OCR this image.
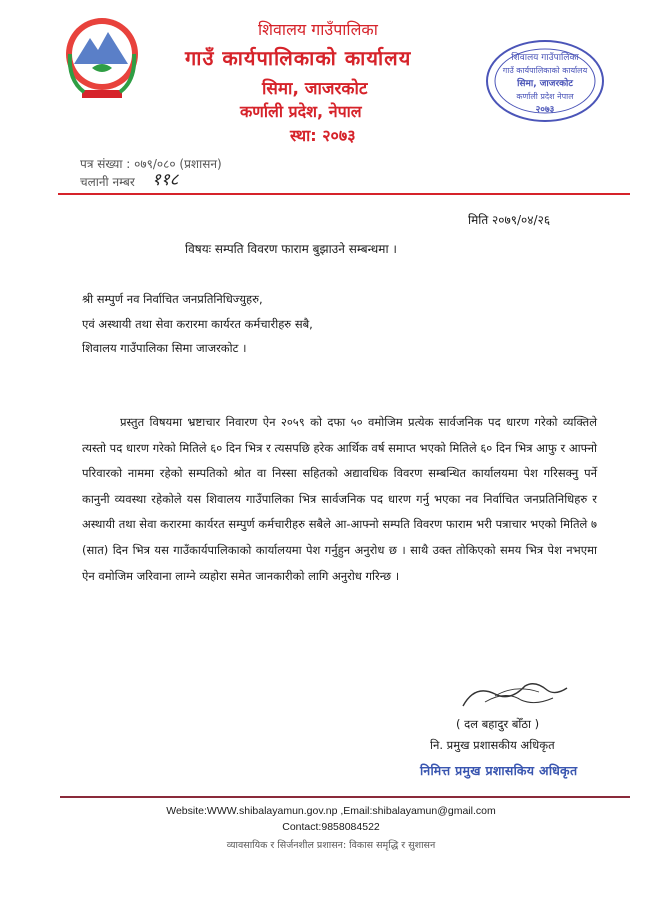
शिवालय गाउँपालिका
गाउँ कार्यपालिकाको कार्यालय
सिमा, जाजरकोट
कर्णाली प्रदेश, नेपाल
स्था: २०७३
शिवालय गाउँपालिका
गाउँ कार्यपालिकाको कार्यालय
सिमा, जाजरकोट
कर्णाली प्रदेश नेपाल
२०७३
पत्र संख्या : ०७९/०८० (प्रशासन)
चलानी नम्बर ११८
मिति २०७९/०४/२६
विषयः सम्पति विवरण फाराम बुझाउने सम्बन्धमा ।
श्री सम्पुर्ण नव निर्वाचित जनप्रतिनिधिज्युहरु,
एवं अस्थायी तथा सेवा करारमा कार्यरत कर्मचारीहरु सबै,
शिवालय गाउँपालिका सिमा जाजरकोट ।

प्रस्तुत विषयमा भ्रष्टाचार निवारण ऐन २०५९ को दफा ५० वमोजिम प्रत्येक सार्वजनिक पद धारण गरेको व्यक्तिले त्यस्तो पद धारण गरेको मितिले ६० दिन भित्र र त्यसपछि हरेक आर्थिक वर्ष समाप्त भएको मितिले ६० दिन भित्र आफु र आफ्नो परिवारको नाममा रहेको सम्पतिको श्रोत वा निस्सा सहितको अद्यावधिक विवरण सम्बन्धित कार्यालयमा पेश गरिसक्नु पर्ने कानुनी व्यवस्था रहेकोले यस शिवालय गाउँपालिका भित्र सार्वजनिक पद धारण गर्नु भएका नव निर्वाचित जनप्रतिनिधिहरु र अस्थायी तथा सेवा करारमा कार्यरत सम्पुर्ण कर्मचारीहरु सबैले आ-आफ्नो सम्पति विवरण फाराम भरी पत्राचार भएको मितिले ७ (सात) दिन भित्र यस गाउँकार्यपालिकाको कार्यालयमा पेश गर्नुहुन अनुरोध छ । साथै उक्त तोकिएको समय भित्र पेश नभएमा ऐन वमोजिम जरिवाना लाग्ने व्यहोरा समेत जानकारीको लागि अनुरोध गरिन्छ ।

( दल बहादुर बोँठा )
नि. प्रमुख प्रशासकीय अधिकृत
निमित्त प्रमुख प्रशासकिय अधिकृत
Website:WWW.shibalayamun.gov.np ,Email:shibalayamun@gmail.com
Contact:9858084522
व्यावसायिक र सिर्जनशील प्रशासन: विकास समृद्धि र सुशासन
